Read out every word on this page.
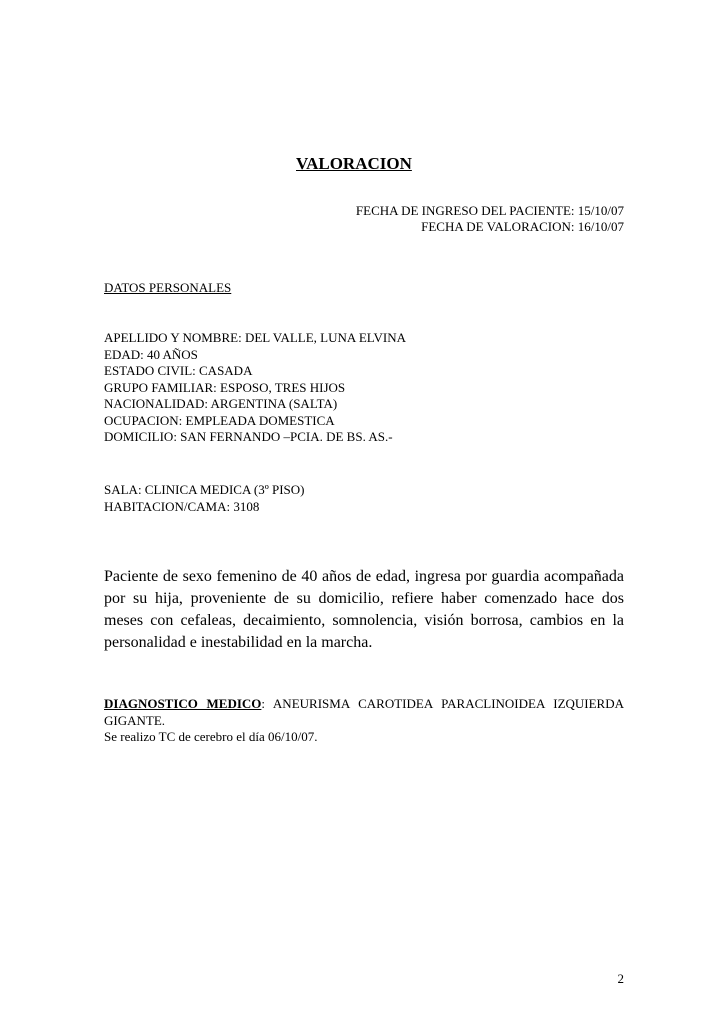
VALORACION
FECHA DE INGRESO DEL PACIENTE: 15/10/07
FECHA DE VALORACION: 16/10/07
DATOS PERSONALES
APELLIDO Y NOMBRE: DEL VALLE, LUNA ELVINA
EDAD: 40 AÑOS
ESTADO CIVIL: CASADA
GRUPO FAMILIAR: ESPOSO, TRES HIJOS
NACIONALIDAD: ARGENTINA (SALTA)
OCUPACION: EMPLEADA DOMESTICA
DOMICILIO: SAN FERNANDO –PCIA. DE BS. AS.-
SALA: CLINICA MEDICA (3º PISO)
HABITACION/CAMA: 3108
Paciente de sexo femenino de 40 años de edad, ingresa por guardia acompañada por su hija, proveniente de su domicilio, refiere haber comenzado hace dos meses con cefaleas, decaimiento, somnolencia, visión borrosa, cambios en la personalidad e inestabilidad en la marcha.
DIAGNOSTICO MEDICO: ANEURISMA CAROTIDEA PARACLINOIDEA IZQUIERDA GIGANTE.
Se realizo TC de cerebro el día 06/10/07.
2
